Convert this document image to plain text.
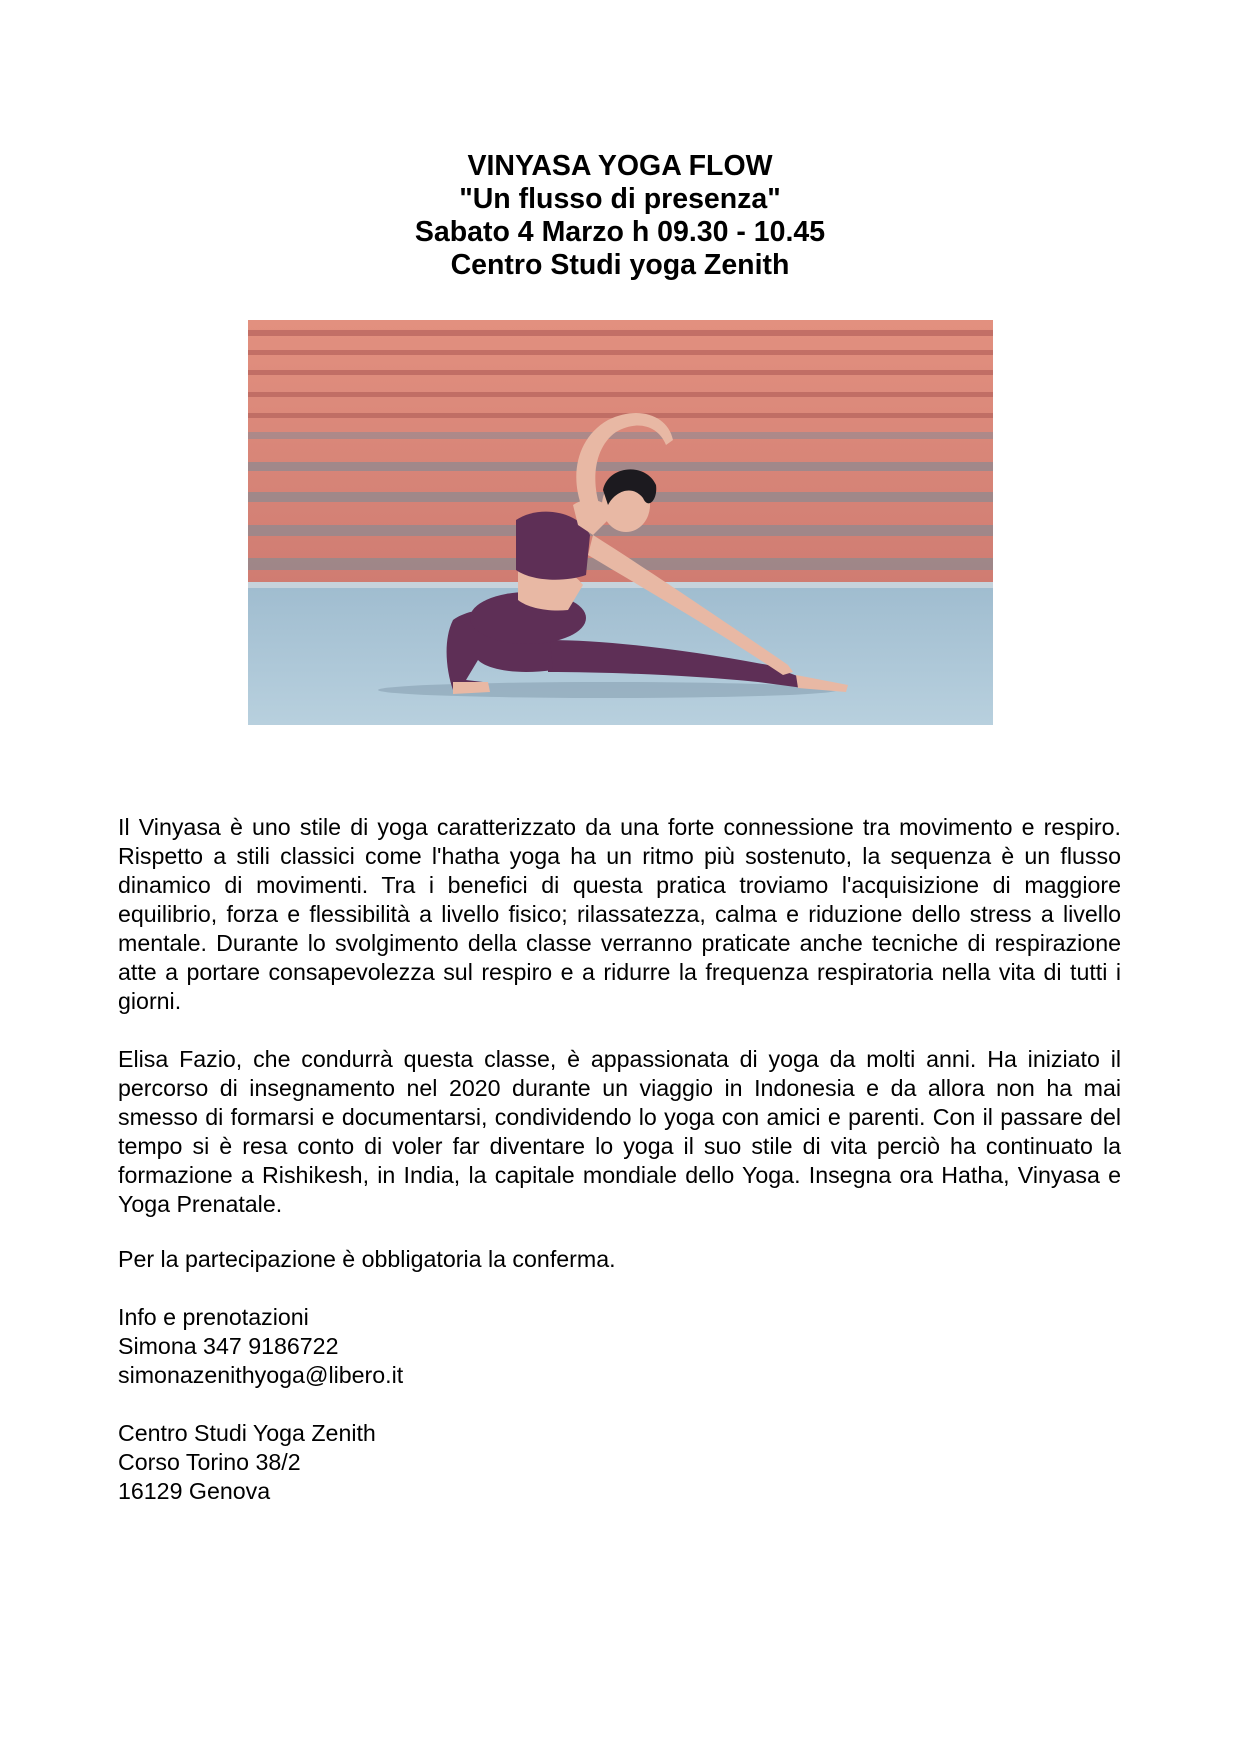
VINYASA YOGA FLOW
"Un flusso di presenza"
Sabato 4 Marzo h 09.30 - 10.45
Centro Studi yoga Zenith
Il Vinyasa è uno stile di yoga caratterizzato da una forte connessione tra movimento e respiro. Rispetto a stili classici come l'hatha yoga ha un ritmo più sostenuto, la sequenza è un flusso dinamico di movimenti. Tra i benefici di questa pratica troviamo l'acquisizione di maggiore equilibrio, forza e flessibilità a livello fisico; rilassatezza, calma e riduzione dello stress a livello mentale. Durante lo svolgimento della classe verranno praticate anche tecniche di respirazione atte a portare consapevolezza sul respiro e a ridurre la frequenza respiratoria nella vita di tutti i giorni.
Elisa Fazio, che condurrà questa classe, è appassionata di yoga da molti anni. Ha iniziato il percorso di insegnamento nel 2020 durante un viaggio in Indonesia e da allora non ha mai smesso di formarsi e documentarsi, condividendo lo yoga con amici e parenti. Con il passare del tempo si è resa conto di voler far diventare lo yoga il suo stile di vita perciò ha continuato la formazione a Rishikesh, in India, la capitale mondiale dello Yoga. Insegna ora Hatha, Vinyasa e Yoga Prenatale.
Per la partecipazione è obbligatoria la conferma.
Info e prenotazioni
Simona 347 9186722
simonazenithyoga@libero.it
Centro Studi Yoga Zenith
Corso Torino 38/2
16129 Genova
